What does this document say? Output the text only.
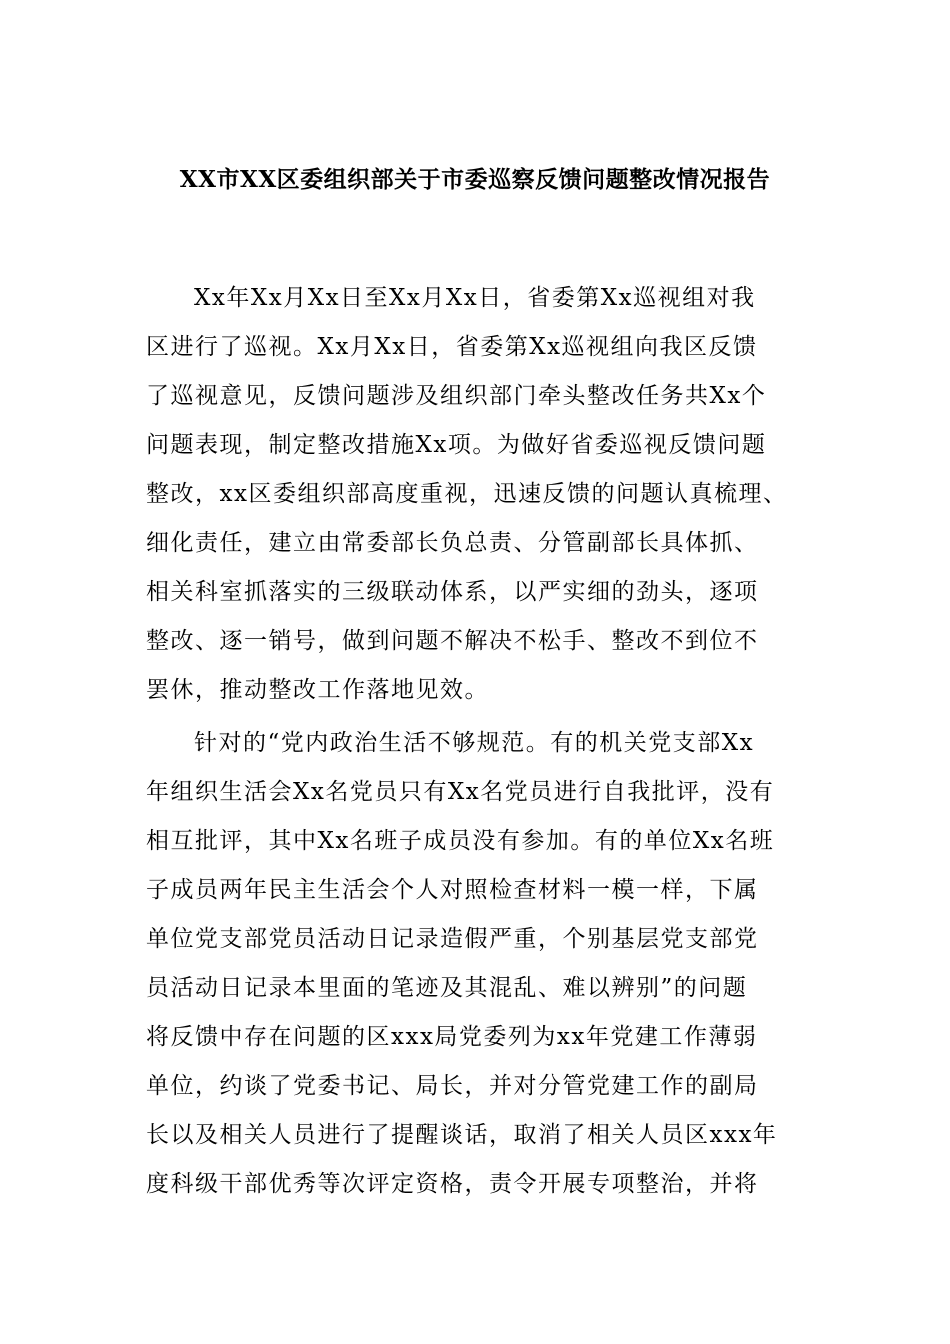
XX市XX区委组织部关于市委巡察反馈问题整改情况报告
Xx年Xx月Xx日至Xx月Xx日，省委第Xx巡视组对我
区进行了巡视。Xx月Xx日，省委第Xx巡视组向我区反馈
了巡视意见，反馈问题涉及组织部门牵头整改任务共Xx个
问题表现，制定整改措施Xx项。为做好省委巡视反馈问题
整改，xx区委组织部高度重视，迅速反馈的问题认真梳理、
细化责任，建立由常委部长负总责、分管副部长具体抓、
相关科室抓落实的三级联动体系，以严实细的劲头，逐项
整改、逐一销号，做到问题不解决不松手、整改不到位不
罢休，推动整改工作落地见效。
针对的“党内政治生活不够规范。有的机关党支部Xx
年组织生活会Xx名党员只有Xx名党员进行自我批评，没有
相互批评，其中Xx名班子成员没有参加。有的单位Xx名班
子成员两年民主生活会个人对照检查材料一模一样，下属
单位党支部党员活动日记录造假严重，个别基层党支部党
员活动日记录本里面的笔迹及其混乱、难以辨别”的问题
将反馈中存在问题的区xxx局党委列为xx年党建工作薄弱
单位，约谈了党委书记、局长，并对分管党建工作的副局
长以及相关人员进行了提醒谈话，取消了相关人员区xxx年
度科级干部优秀等次评定资格，责令开展专项整治，并将
